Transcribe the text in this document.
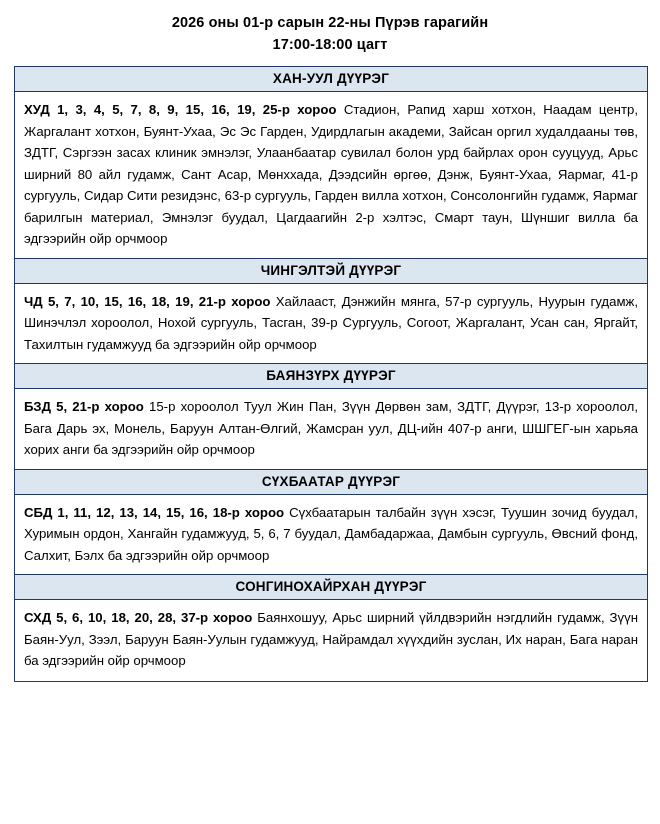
2026 оны 01-р сарын 22-ны Пүрэв гарагийн
17:00-18:00 цагт
ХАН-УУЛ ДҮҮРЭГ
ХУД 1, 3, 4, 5, 7, 8, 9, 15, 16, 19, 25-р хороо Стадион, Рапид харш хотхон, Наадам центр, Жаргалант хотхон, Буянт-Ухаа, Эс Эс Гарден, Удирдлагын академи, Зайсан оргил худалдааны төв, ЗДТГ, Сэргээн засах клиник эмнэлэг, Улаанбаатар сувилал болон урд байрлах орон сууцууд, Арьс ширний 80 айл гудамж, Сант Асар, Мөнххада, Дээдсийн өргөө, Дэнж, Буянт-Ухаа, Яармаг, 41-р сургууль, Сидар Сити резидэнс, 63-р сургууль, Гарден вилла хотхон, Сонсолонгийн гудамж, Яармаг барилгын материал, Эмнэлэг буудал, Цагдаагийн 2-р хэлтэс, Смарт таун, Шүншиг вилла ба эдгээрийн ойр орчмоор
ЧИНГЭЛТЭЙ ДҮҮРЭГ
ЧД 5, 7, 10, 15, 16, 18, 19, 21-р хороо Хайлааст, Дэнжийн мянга, 57-р сургууль, Нуурын гудамж, Шинэчлэл хороолол, Нохой сургууль, Тасган, 39-р Сургууль, Согоот, Жаргалант, Усан сан, Яргайт, Тахилтын гудамжууд ба эдгээрийн ойр орчмоор
БАЯНЗҮРХ ДҮҮРЭГ
БЗД 5, 21-р хороо 15-р хороолол Туул Жин Пан, Зүүн Дөрвөн зам, ЗДТГ, Дүүрэг, 13-р хороолол, Бага Дарь эх, Монель, Баруун Алтан-Өлгий, Жамсран уул, ДЦ-ийн 407-р анги, ШШГЕГ-ын харьяа хорих анги ба эдгээрийн ойр орчмоор
СҮХБААТАР ДҮҮРЭГ
СБД 1, 11, 12, 13, 14, 15, 16, 18-р хороо Сүхбаатарын талбайн зүүн хэсэг, Туушин зочид буудал, Хуримын ордон, Хангайн гудамжууд, 5, 6, 7 буудал, Дамбадаржаа, Дамбын сургууль, Өвсний фонд, Салхит, Бэлх ба эдгээрийн ойр орчмоор
СОНГИНОХАЙРХАН ДҮҮРЭГ
СХД 5, 6, 10, 18, 20, 28, 37-р хороо Баянхошуу, Арьс ширний үйлдвэрийн нэгдлийн гудамж, Зүүн Баян-Уул, Зээл, Баруун Баян-Уулын гудамжууд, Найрамдал хүүхдийн зуслан, Их наран, Бага наран ба эдгээрийн ойр орчмоор
